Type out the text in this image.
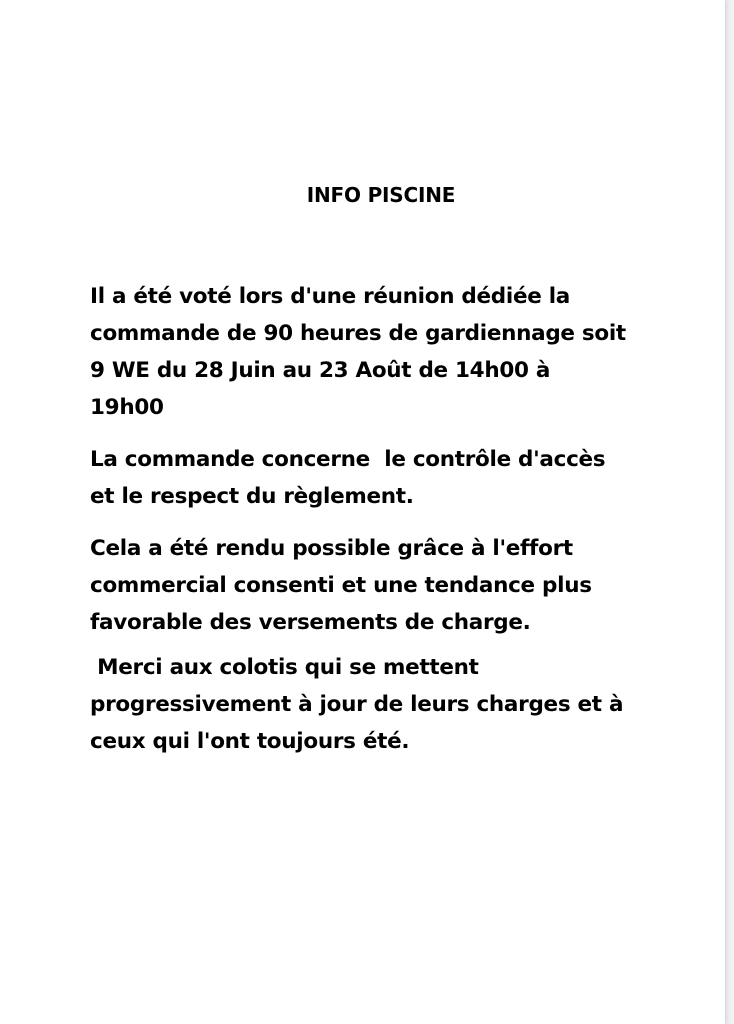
INFO PISCINE
Il a été voté lors d'une réunion dédiée la
commande de 90 heures de gardiennage soit
9 WE du 28 Juin au 23 Août de 14h00 à
19h00
La commande concerne  le contrôle d'accès
et le respect du règlement.
Cela a été rendu possible grâce à l'effort
commercial consenti et une tendance plus
favorable des versements de charge.
Merci aux colotis qui se mettent
progressivement à jour de leurs charges et à
ceux qui l'ont toujours été.
